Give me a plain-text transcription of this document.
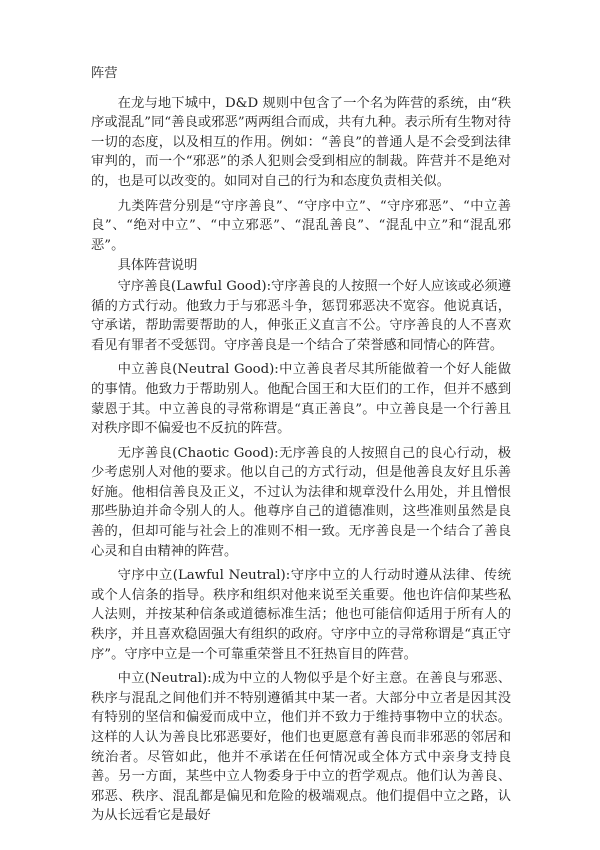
阵营

在龙与地下城中，D&D 规则中包含了一个名为阵营的系统，由“秩序或混乱”同“善良或邪恶”两两组合而成，共有九种。表示所有生物对待一切的态度，以及相互的作用。例如：“善良”的普通人是不会受到法律审判的，而一个“邪恶”的杀人犯则会受到相应的制裁。阵营并不是绝对的，也是可以改变的。如同对自己的行为和态度负责相关似。

九类阵营分别是“守序善良”、“守序中立”、“守序邪恶”、“中立善良”、“绝对中立”、“中立邪恶”、“混乱善良”、“混乱中立”和“混乱邪恶”。

具体阵营说明

守序善良(Lawful Good):守序善良的人按照一个好人应该或必须遵循的方式行动。他致力于与邪恶斗争，惩罚邪恶决不宽容。他说真话，守承诺，帮助需要帮助的人，伸张正义直言不公。守序善良的人不喜欢看见有罪者不受惩罚。守序善良是一个结合了荣誉感和同情心的阵营。

中立善良(Neutral Good):中立善良者尽其所能做着一个好人能做的事情。他致力于帮助别人。他配合国王和大臣们的工作，但并不感到蒙恩于其。中立善良的寻常称谓是“真正善良”。中立善良是一个行善且对秩序即不偏爱也不反抗的阵营。

无序善良(Chaotic Good):无序善良的人按照自己的良心行动，极少考虑别人对他的要求。他以自己的方式行动，但是他善良友好且乐善好施。他相信善良及正义，不过认为法律和规章没什么用处，并且憎恨那些胁迫并命令别人的人。他尊序自己的道德准则，这些准则虽然是良善的，但却可能与社会上的准则不相一致。无序善良是一个结合了善良心灵和自由精神的阵营。

守序中立(Lawful Neutral):守序中立的人行动时遵从法律、传统或个人信条的指导。秩序和组织对他来说至关重要。他也许信仰某些私人法则，并按某种信条或道德标准生活；他也可能信仰适用于所有人的秩序，并且喜欢稳固强大有组织的政府。守序中立的寻常称谓是“真正守序”。守序中立是一个可靠重荣誉且不狂热盲目的阵营。

中立(Neutral):成为中立的人物似乎是个好主意。在善良与邪恶、秩序与混乱之间他们并不特别遵循其中某一者。大部分中立者是因其没有特别的坚信和偏爱而成中立，他们并不致力于维持事物中立的状态。这样的人认为善良比邪恶要好，他们也更愿意有善良而非邪恶的邻居和统治者。尽管如此，他并不承诺在任何情况或全体方式中亲身支持良善。另一方面，某些中立人物委身于中立的哲学观点。他们认为善良、邪恶、秩序、混乱都是偏见和危险的极端观点。他们提倡中立之路，认为从长远看它是最好
